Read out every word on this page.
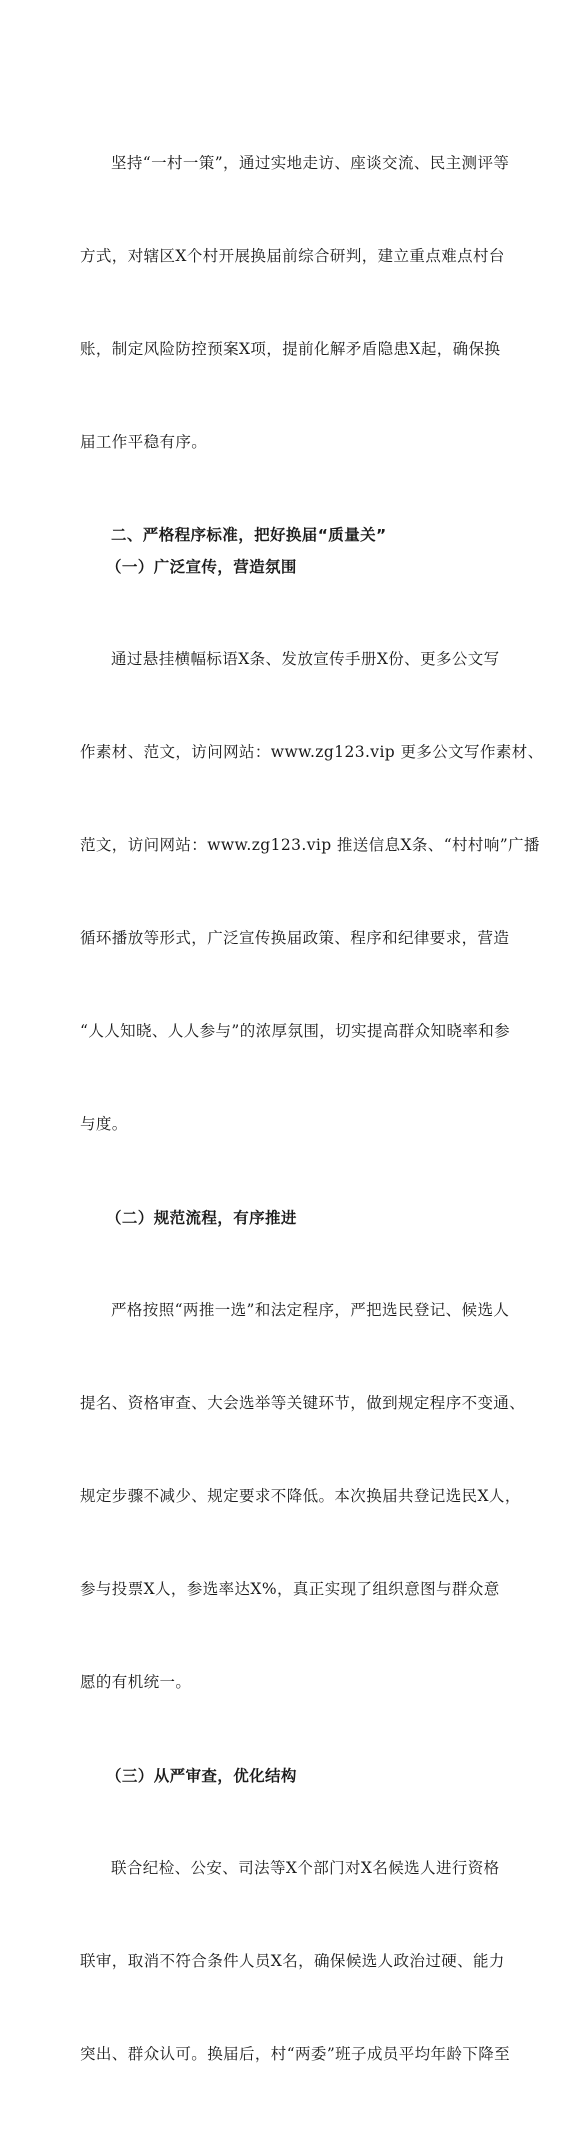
坚持“一村一策”，通过实地走访、座谈交流、民主测评等

方式，对辖区X个村开展换届前综合研判，建立重点难点村台

账，制定风险防控预案X项，提前化解矛盾隐患X起，确保换

届工作平稳有序。

二、严格程序标准，把好换届“质量关”
（一）广泛宣传，营造氛围

通过悬挂横幅标语X条、发放宣传手册X份、更多公文写

作素材、范文，访问网站：www.zg123.vip 更多公文写作素材、

范文，访问网站：www.zg123.vip 推送信息X条、“村村响”广播

循环播放等形式，广泛宣传换届政策、程序和纪律要求，营造

“人人知晓、人人参与”的浓厚氛围，切实提高群众知晓率和参

与度。

（二）规范流程，有序推进

严格按照“两推一选”和法定程序，严把选民登记、候选人

提名、资格审查、大会选举等关键环节，做到规定程序不变通、

规定步骤不减少、规定要求不降低。本次换届共登记选民X人，

参与投票X人，参选率达X%，真正实现了组织意图与群众意

愿的有机统一。

（三）从严审查，优化结构

联合纪检、公安、司法等X个部门对X名候选人进行资格

联审，取消不符合条件人员X名，确保候选人政治过硬、能力

突出、群众认可。换届后，村“两委”班子成员平均年龄下降至
